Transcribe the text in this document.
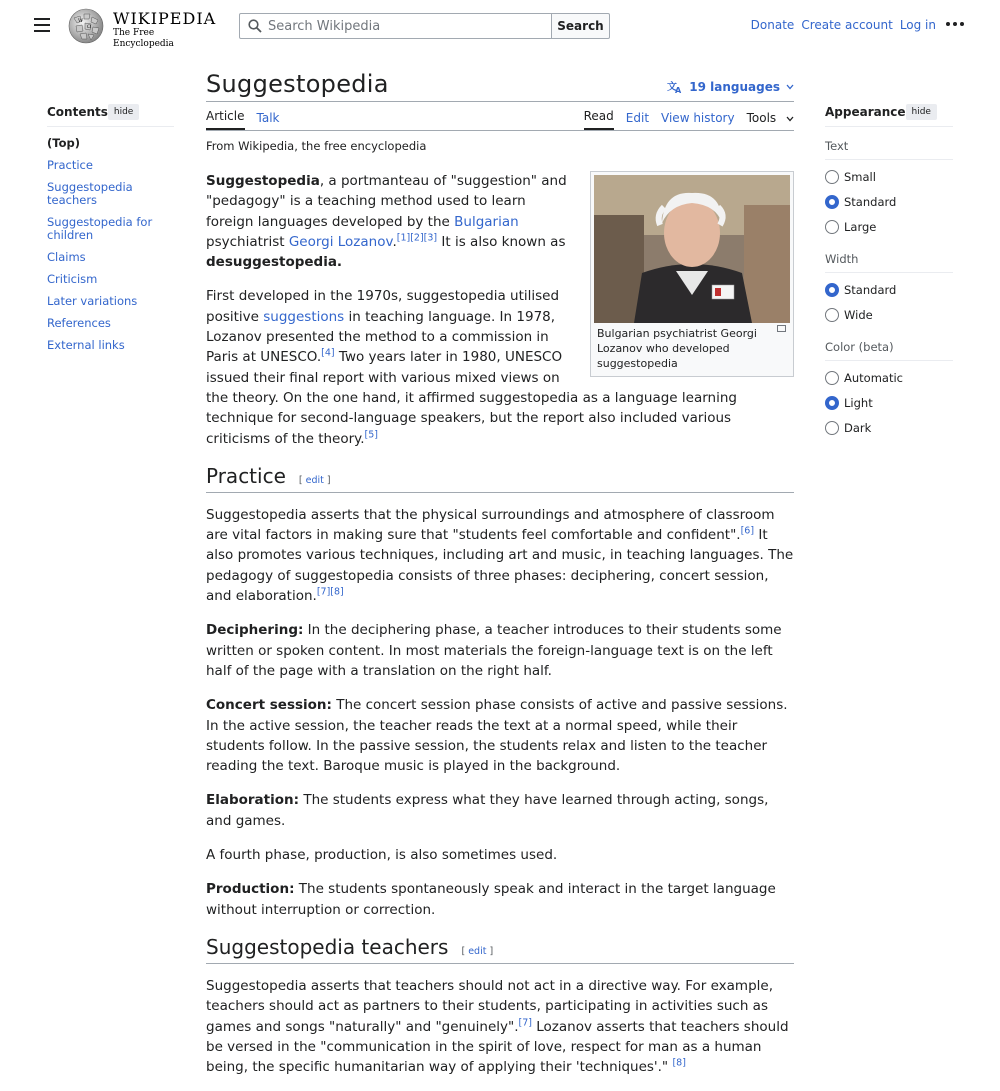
W
Ω WIKIPEDIA
The Free Encyclopedia
Search Wikipedia
Search	Donate Create account Log in
Contents hide
(Top)
Practice
Suggestopedia teachers
Suggestopedia for children
Claims
Criticism
Later variations
References
External links
Appearance hide
Text
Small
Standard
Large
Width
Standard
Wide
Color (beta)
Automatic
Light
Dark
Suggestopedia	文
A 19 languages
Article Talk	Read Edit View history Tools
From Wikipedia, the free encyclopedia
Bulgarian psychiatrist Georgi Lozanov who developed suggestopedia

Suggestopedia, a portmanteau of "suggestion" and "pedagogy" is a teaching method used to learn foreign languages developed by the Bulgarian psychiatrist Georgi Lozanov.[1][2][3] It is also known as desuggestopedia.

First developed in the 1970s, suggestopedia utilised positive suggestions in teaching language. In 1978, Lozanov presented the method to a commission in Paris at UNESCO.[4] Two years later in 1980, UNESCO issued their final report with various mixed views on the theory. On the one hand, it affirmed suggestopedia as a language learning technique for second-language speakers, but the report also included various criticisms of the theory.[5]

Practice [ edit ]

Suggestopedia asserts that the physical surroundings and atmosphere of classroom are vital factors in making sure that "students feel comfortable and confident".[6] It also promotes various techniques, including art and music, in teaching languages. The pedagogy of suggestopedia consists of three phases: deciphering, concert session, and elaboration.[7][8]

Deciphering: In the deciphering phase, a teacher introduces to their students some written or spoken content. In most materials the foreign-language text is on the left half of the page with a translation on the right half.

Concert session: The concert session phase consists of active and passive sessions. In the active session, the teacher reads the text at a normal speed, while their students follow. In the passive session, the students relax and listen to the teacher reading the text. Baroque music is played in the background.

Elaboration: The students express what they have learned through acting, songs, and games.

A fourth phase, production, is also sometimes used.

Production: The students spontaneously speak and interact in the target language without interruption or correction.

Suggestopedia teachers [ edit ]

Suggestopedia asserts that teachers should not act in a directive way. For example, teachers should act as partners to their students, participating in activities such as games and songs "naturally" and "genuinely".[7] Lozanov asserts that teachers should be versed in the "communication in the spirit of love, respect for man as a human being, the specific humanitarian way of applying their 'techniques'." [8]
